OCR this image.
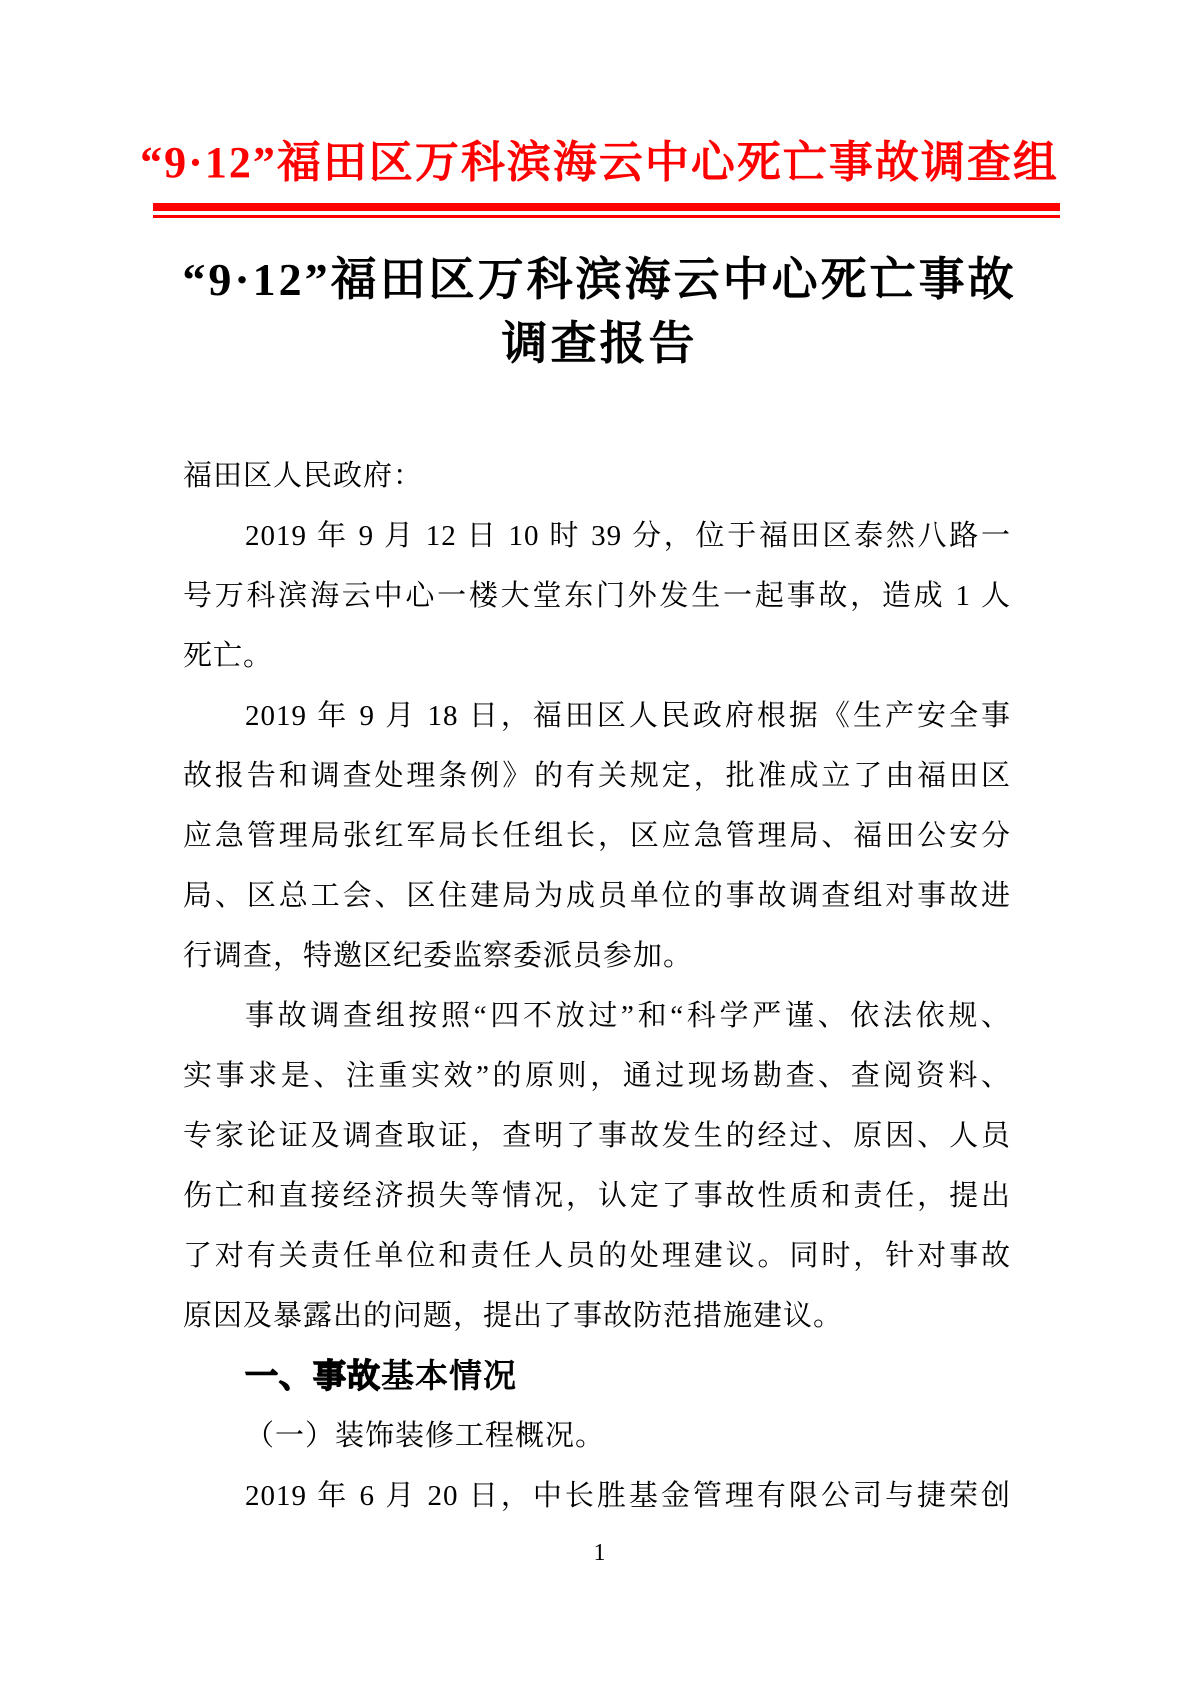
“9·12”福田区万科滨海云中心死亡事故调查组
“9·12”福田区万科滨海云中心死亡事故
调查报告
福田区人民政府：
2019 年 9 月 12 日 10 时 39 分，位于福田区泰然八路一
号万科滨海云中心一楼大堂东门外发生一起事故，造成 1 人
死亡。
2019 年 9 月 18 日，福田区人民政府根据《生产安全事
故报告和调查处理条例》的有关规定，批准成立了由福田区
应急管理局张红军局长任组长，区应急管理局、福田公安分
局、区总工会、区住建局为成员单位的事故调查组对事故进
行调查，特邀区纪委监察委派员参加。
事故调查组按照“四不放过”和“科学严谨、依法依规、
实事求是、注重实效”的原则，通过现场勘查、查阅资料、
专家论证及调查取证，查明了事故发生的经过、原因、人员
伤亡和直接经济损失等情况，认定了事故性质和责任，提出
了对有关责任单位和责任人员的处理建议。同时，针对事故
原因及暴露出的问题，提出了事故防范措施建议。
一、事故基本情况
（一）装饰装修工程概况。
2019 年 6 月 20 日，中长胜基金管理有限公司与捷荣创
1
